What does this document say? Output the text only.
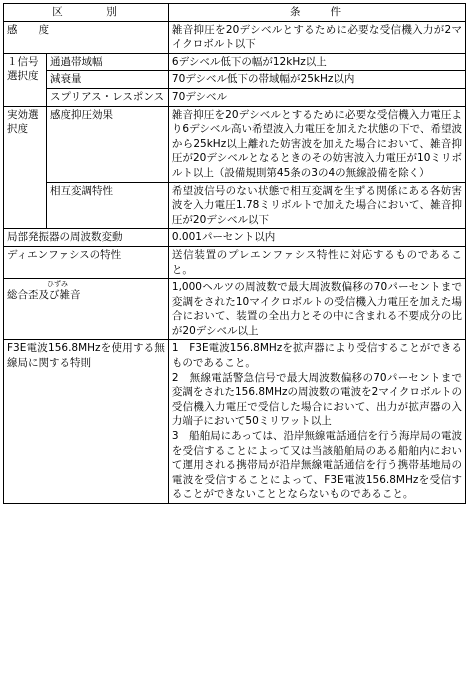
区　　　別		条　　件
感　　度		雑音抑圧を20デシベルとするために必要な受信機入力が2マイクロボルト以下
１信号選択度	通過帯域幅	6デシベル低下の幅が12kHz以上
	減衰量	70デシベル低下の帯域幅が25kHz以内
	スプリアス・レスポンス	70デシベル
実効選択度	感度抑圧効果	雑音抑圧を20デシベルとするために必要な受信機入力電圧より6デシベル高い希望波入力電圧を加えた状態の下で、希望波から25kHz以上離れた妨害波を加えた場合において、雑音抑圧が20デシベルとなるときのその妨害波入力電圧が10ミリボルト以上（設備規則第45条の3の4の無線設備を除く）
	相互変調特性	希望波信号のない状態で相互変調を生ずる関係にある各妨害波を入力電圧1.78ミリボルトで加えた場合において、雑音抑圧が20デシベル以下
局部発振器の周波数変動		0.001パーセント以内
ディエンファシスの特性		送信装置のプレエンファシス特性に対応するものであること。

ひずみ
総合歪及び雑音		1,000ヘルツの周波数で最大周波数偏移の70パーセントまで変調をされた10マイクロボルトの受信機入力電圧を加えた場合において、装置の全出力とその中に含まれる不要成分の比が20デシベル以上
F3E電波156.8MHzを使用する無線局に関する特則		1　F3E電波156.8MHzを拡声器により受信することができるものであること。
2　無線電話警急信号で最大周波数偏移の70パーセントまで変調をされた156.8MHzの周波数の電波を2マイクロボルトの受信機入力電圧で受信した場合において、出力が拡声器の入力端子において50ミリワット以上
3　船舶局にあっては、沿岸無線電話通信を行う海岸局の電波を受信することによって又は当該船舶局のある船舶内において運用される携帯局が沿岸無線電話通信を行う携帯基地局の電波を受信することによって、F3E電波156.8MHzを受信することができないこととならないものであること。
